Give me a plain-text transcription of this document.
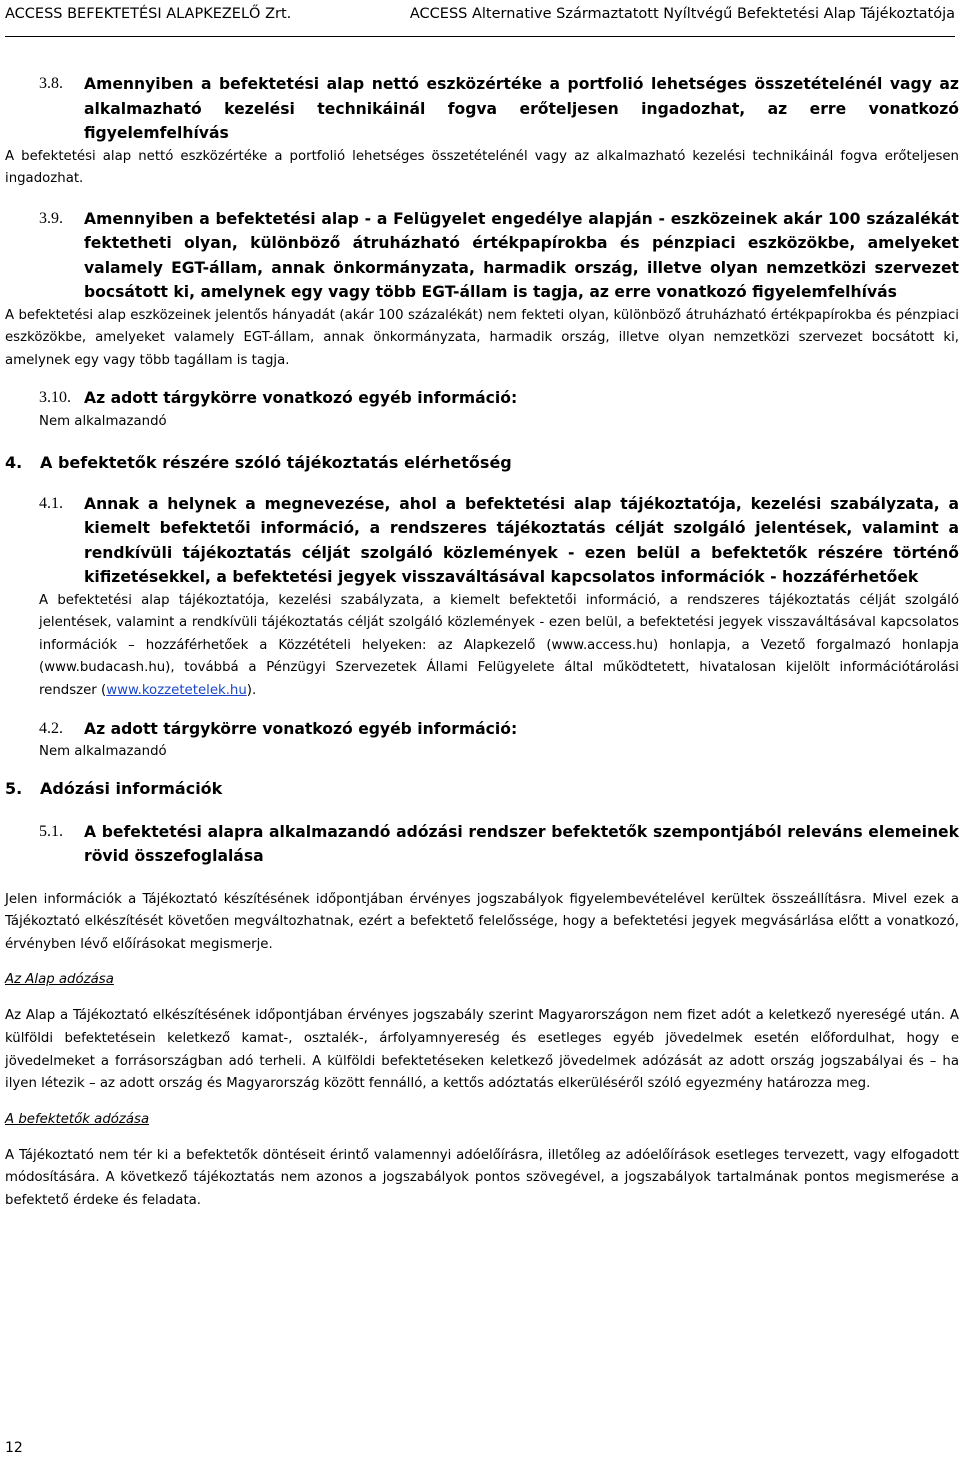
ACCESS BEFEKTETÉSI ALAPKEZELŐ Zrt.	ACCESS Alternative Származtatott Nyíltvégű Befektetési Alap Tájékoztatója
3.8.	Amennyiben a befektetési alap nettó eszközértéke a portfolió lehetséges összetételénél vagy az alkalmazható kezelési technikáinál fogva erőteljesen ingadozhat, az erre vonatkozó figyelemfelhívás

A befektetési alap nettó eszközértéke a portfolió lehetséges összetételénél vagy az alkalmazható kezelési technikáinál fogva erőteljesen ingadozhat.

3.9.	Amennyiben a befektetési alap - a Felügyelet engedélye alapján - eszközeinek akár 100 százalékát fektetheti olyan, különböző átruházható értékpapírokba és pénzpiaci eszközökbe, amelyeket valamely EGT-állam, annak önkormányzata, harmadik ország, illetve olyan nemzetközi szervezet bocsátott ki, amelynek egy vagy több EGT-állam is tagja, az erre vonatkozó figyelemfelhívás

A befektetési alap eszközeinek jelentős hányadát (akár 100 százalékát) nem fekteti olyan, különböző átruházható értékpapírokba és pénzpiaci eszközökbe, amelyeket valamely EGT-állam, annak önkormányzata, harmadik ország, illetve olyan nemzetközi szervezet bocsátott ki, amelynek egy vagy több tagállam is tagja.

3.10. Az adott tárgykörre vonatkozó egyéb információ:

Nem alkalmazandó

4. A befektetők részére szóló tájékoztatás elérhetőség
4.1.	Annak a helynek a megnevezése, ahol a befektetési alap tájékoztatója, kezelési szabályzata, a kiemelt befektetői információ, a rendszeres tájékoztatás célját szolgáló jelentések, valamint a rendkívüli tájékoztatás célját szolgáló közlemények - ezen belül a befektetők részére történő kifizetésekkel, a befektetési jegyek visszaváltásával kapcsolatos információk - hozzáférhetőek

A befektetési alap tájékoztatója, kezelési szabályzata, a kiemelt befektetői információ, a rendszeres tájékoztatás célját szolgáló jelentések, valamint a rendkívüli tájékoztatás célját szolgáló közlemények - ezen belül, a befektetési jegyek visszaváltásával kapcsolatos információk – hozzáférhetőek a Közzétételi helyeken: az Alapkezelő (www.access.hu) honlapja, a Vezető forgalmazó honlapja (www.budacash.hu), továbbá a Pénzügyi Szervezetek Állami Felügyelete által működtetett, hivatalosan kijelölt információtárolási rendszer (www.kozzetetelek.hu).

4.2.	Az adott tárgykörre vonatkozó egyéb információ:

Nem alkalmazandó

5. Adózási információk
5.1.	A befektetési alapra alkalmazandó adózási rendszer befektetők szempontjából releváns elemeinek rövid összefoglalása

Jelen információk a Tájékoztató készítésének időpontjában érvényes jogszabályok figyelembevételével kerültek összeállításra. Mivel ezek a Tájékoztató elkészítését követően megváltozhatnak, ezért a befektető felelőssége, hogy a befektetési jegyek megvásárlása előtt a vonatkozó, érvényben lévő előírásokat megismerje.

Az Alap adózása

Az Alap a Tájékoztató elkészítésének időpontjában érvényes jogszabály szerint Magyarországon nem fizet adót a keletkező nyereségé után. A külföldi befektetésein keletkező kamat-, osztalék-, árfolyamnyereség és esetleges egyéb jövedelmek esetén előfordulhat, hogy e jövedelmeket a forrásországban adó terheli. A külföldi befektetéseken keletkező jövedelmek adózását az adott ország jogszabályai és – ha ilyen létezik – az adott ország és Magyarország között fennálló, a kettős adóztatás elkerüléséről szóló egyezmény határozza meg.

A befektetők adózása

A Tájékoztató nem tér ki a befektetők döntéseit érintő valamennyi adóelőírásra, illetőleg az adóelőírások esetleges tervezett, vagy elfogadott módosítására. A következő tájékoztatás nem azonos a jogszabályok pontos szövegével, a jogszabályok tartalmának pontos megismerése a befektető érdeke és feladata.

12
